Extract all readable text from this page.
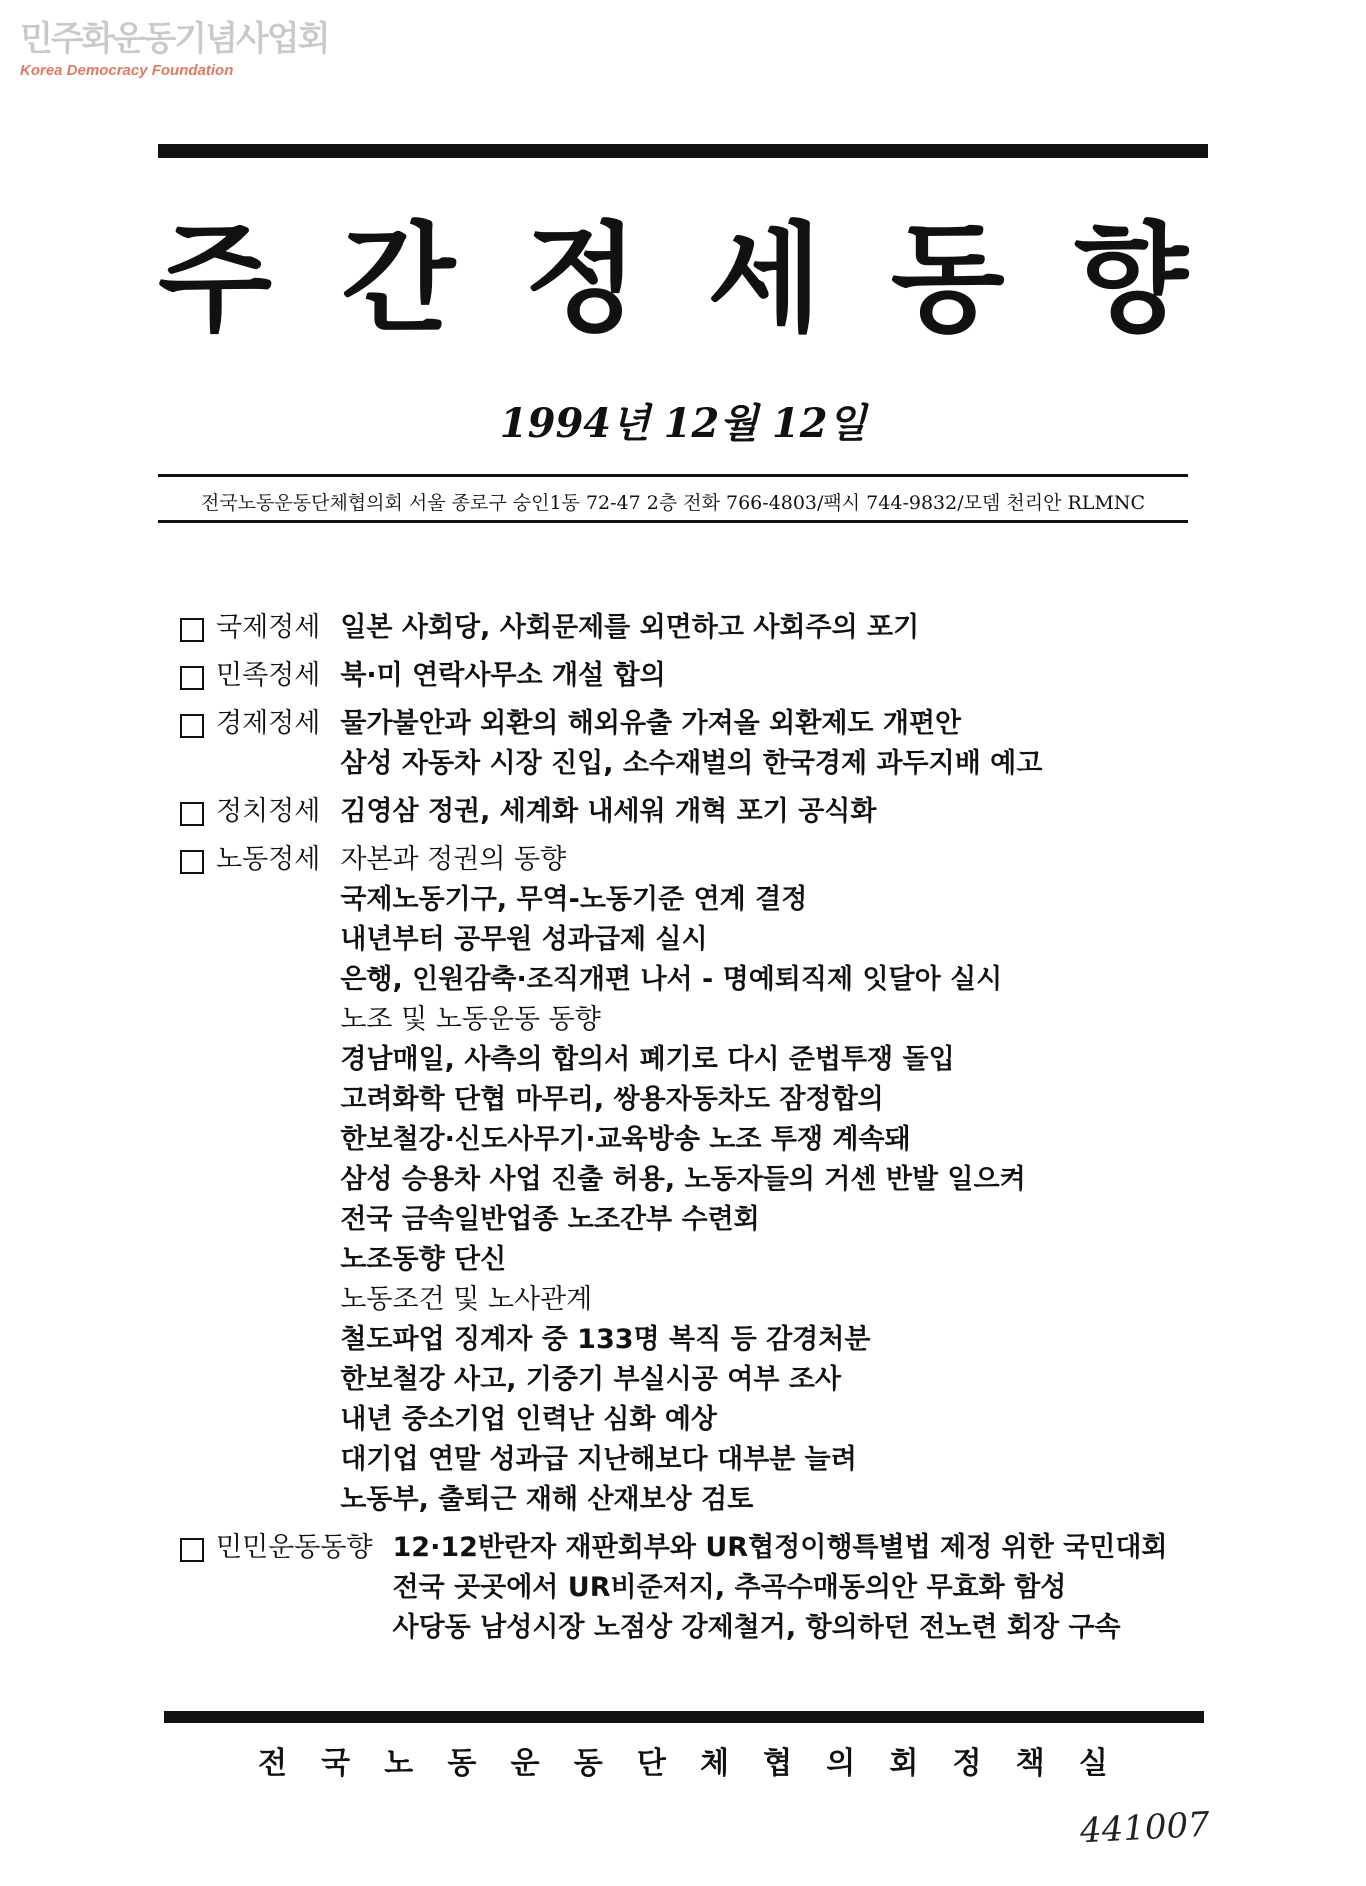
민주화운동기념사업회
Korea Democracy Foundation
주 간 정 세 동 향
1994년 12월 12일
전국노동운동단체협의회 서울 종로구 숭인1동 72-47 2층 전화 766-4803/팩시 744-9832/모뎀 천리안 RLMNC
국제정세 일본 사회당, 사회문제를 외면하고 사회주의 포기
민족정세 북·미 연락사무소 개설 합의
경제정세 물가불안과 외환의 해외유출 가져올 외환제도 개편안
삼성 자동차 시장 진입, 소수재벌의 한국경제 과두지배 예고
정치정세 김영삼 정권, 세계화 내세워 개혁 포기 공식화
노동정세 자본과 정권의 동향
국제노동기구, 무역-노동기준 연계 결정
내년부터 공무원 성과급제 실시
은행, 인원감축·조직개편 나서 - 명예퇴직제 잇달아 실시
노조 및 노동운동 동향
경남매일, 사측의 합의서 폐기로 다시 준법투쟁 돌입
고려화학 단협 마무리, 쌍용자동차도 잠정합의
한보철강·신도사무기·교육방송 노조 투쟁 계속돼
삼성 승용차 사업 진출 허용, 노동자들의 거센 반발 일으켜
전국 금속일반업종 노조간부 수련회
노조동향 단신
노동조건 및 노사관계
철도파업 징계자 중 133명 복직 등 감경처분
한보철강 사고, 기중기 부실시공 여부 조사
내년 중소기업 인력난 심화 예상
대기업 연말 성과급 지난해보다 대부분 늘려
노동부, 출퇴근 재해 산재보상 검토
민민운동동향 12·12반란자 재판회부와 UR협정이행특별법 제정 위한 국민대회
전국 곳곳에서 UR비준저지, 추곡수매동의안 무효화 함성
사당동 남성시장 노점상 강제철거, 항의하던 전노련 회장 구속
전 국 노 동 운 동 단 체 협 의 회 정 책 실
441007
